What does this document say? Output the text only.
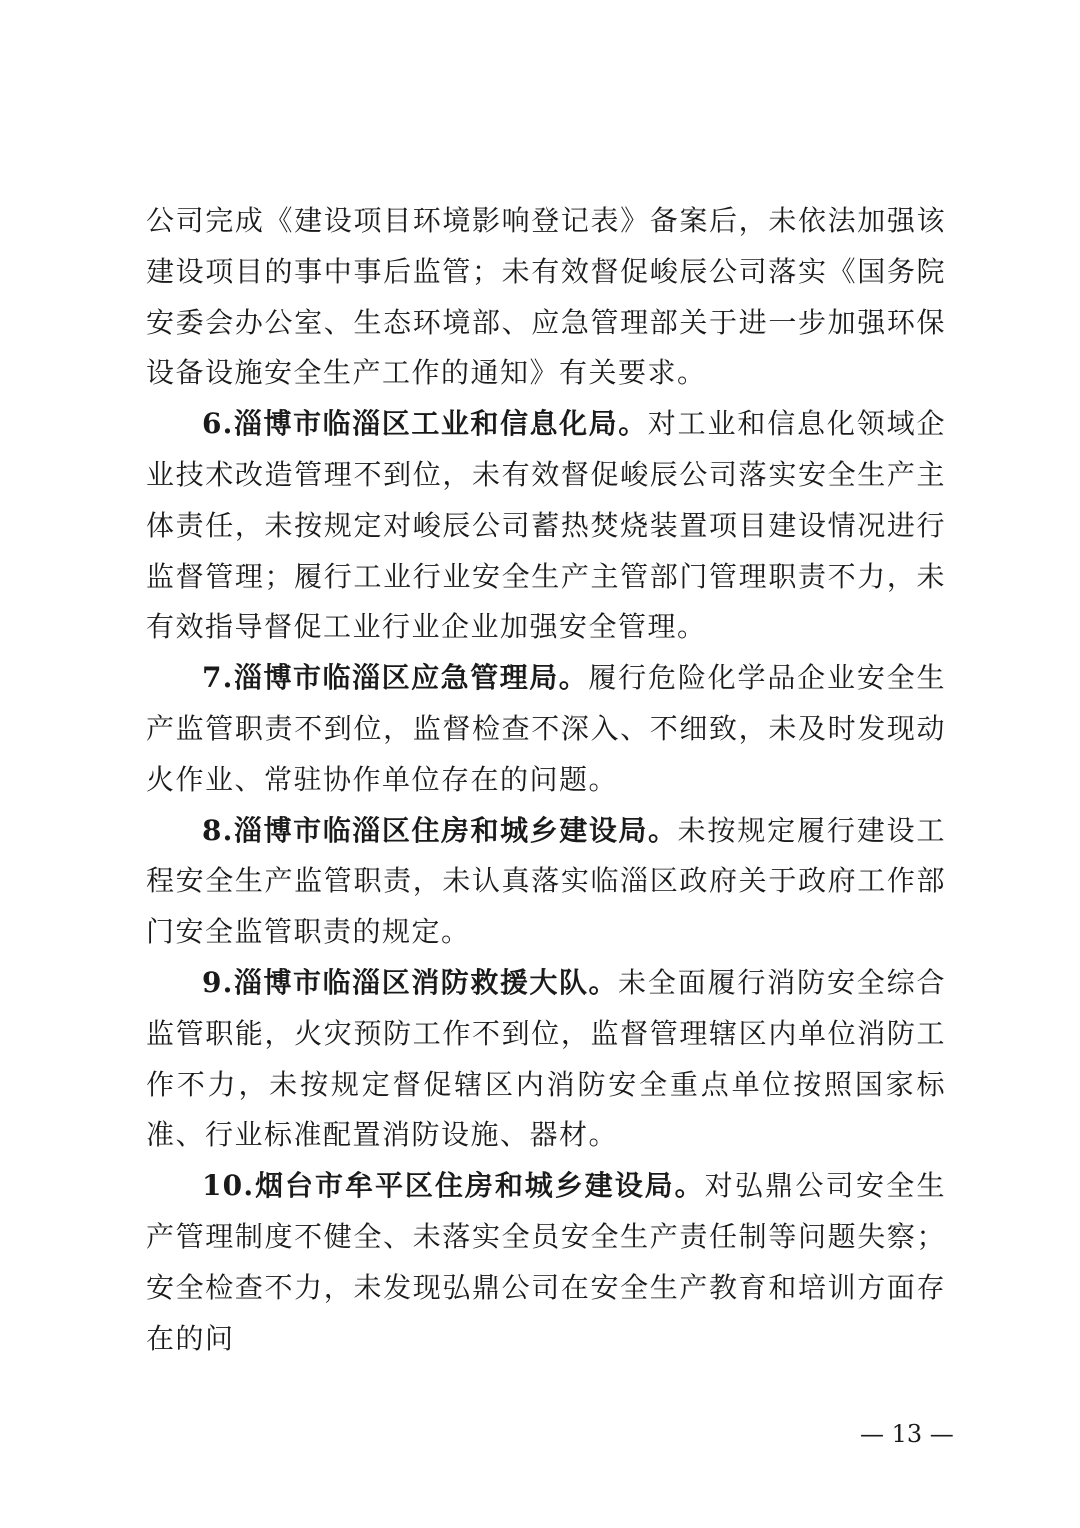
公司完成《建设项目环境影响登记表》备案后，未依法加强该建设项目的事中事后监管；未有效督促峻辰公司落实《国务院安委会办公室、生态环境部、应急管理部关于进一步加强环保设备设施安全生产工作的通知》有关要求。

6.淄博市临淄区工业和信息化局。对工业和信息化领域企业技术改造管理不到位，未有效督促峻辰公司落实安全生产主体责任，未按规定对峻辰公司蓄热焚烧装置项目建设情况进行监督管理；履行工业行业安全生产主管部门管理职责不力，未有效指导督促工业行业企业加强安全管理。

7.淄博市临淄区应急管理局。履行危险化学品企业安全生产监管职责不到位，监督检查不深入、不细致，未及时发现动火作业、常驻协作单位存在的问题。

8.淄博市临淄区住房和城乡建设局。未按规定履行建设工程安全生产监管职责，未认真落实临淄区政府关于政府工作部门安全监管职责的规定。

9.淄博市临淄区消防救援大队。未全面履行消防安全综合监管职能，火灾预防工作不到位，监督管理辖区内单位消防工作不力，未按规定督促辖区内消防安全重点单位按照国家标准、行业标准配置消防设施、器材。

10.烟台市牟平区住房和城乡建设局。对弘鼎公司安全生产管理制度不健全、未落实全员安全生产责任制等问题失察；安全检查不力，未发现弘鼎公司在安全生产教育和培训方面存在的问

— 13 —
